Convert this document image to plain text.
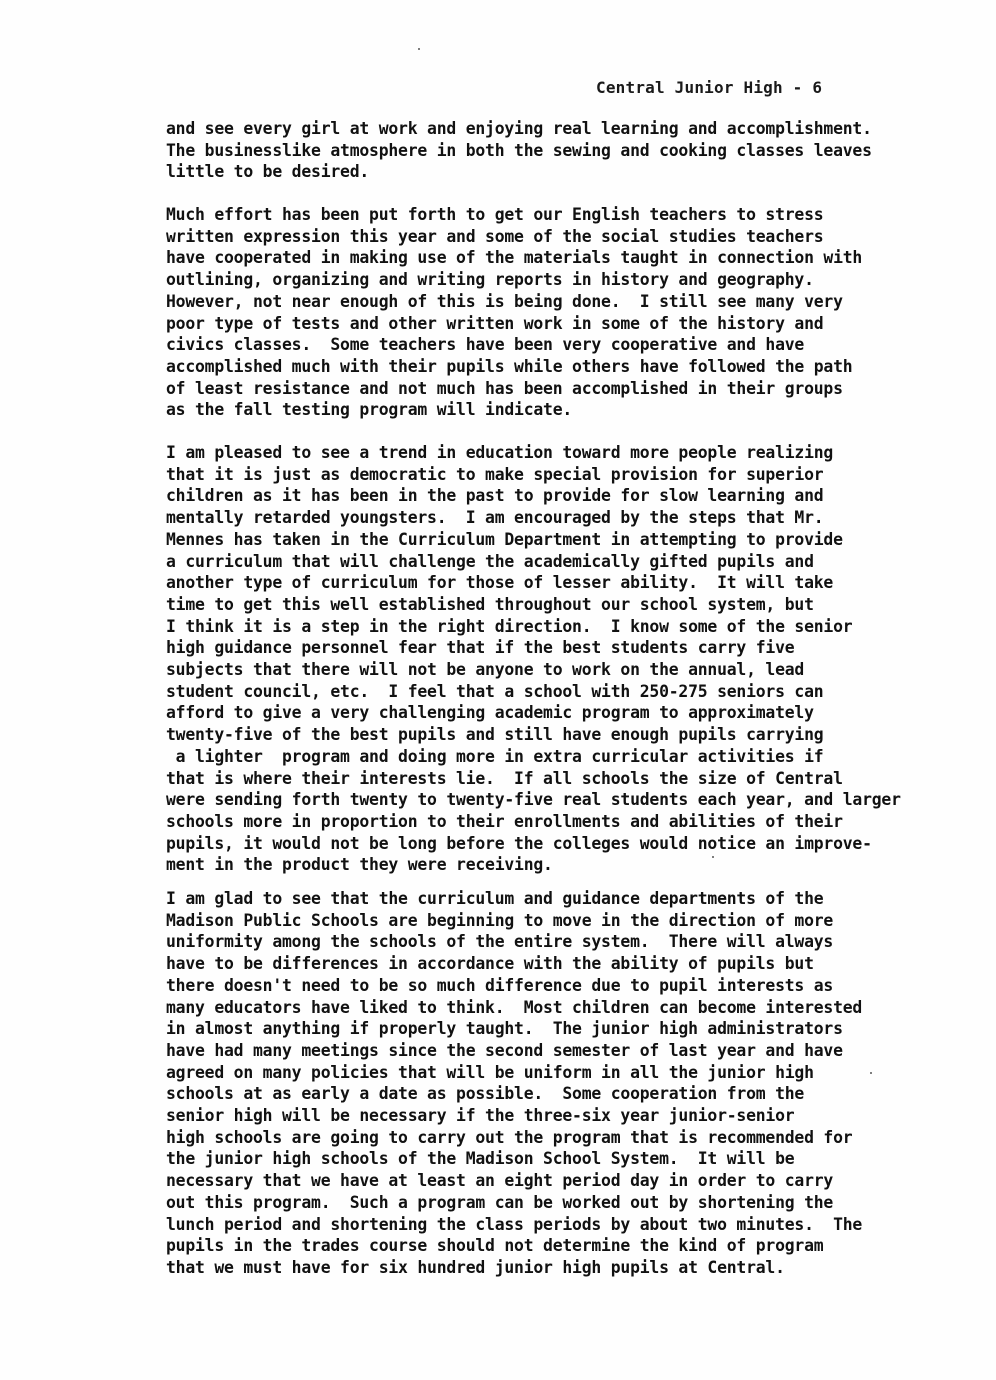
Central Junior High - 6

and see every girl at work and enjoying real learning and accomplishment.
The businesslike atmosphere in both the sewing and cooking classes leaves
little to be desired.

Much effort has been put forth to get our English teachers to stress
written expression this year and some of the social studies teachers
have cooperated in making use of the materials taught in connection with
outlining, organizing and writing reports in history and geography.
However, not near enough of this is being done.  I still see many very
poor type of tests and other written work in some of the history and
civics classes.  Some teachers have been very cooperative and have
accomplished much with their pupils while others have followed the path
of least resistance and not much has been accomplished in their groups
as the fall testing program will indicate.

I am pleased to see a trend in education toward more people realizing
that it is just as democratic to make special provision for superior
children as it has been in the past to provide for slow learning and
mentally retarded youngsters.  I am encouraged by the steps that Mr.
Mennes has taken in the Curriculum Department in attempting to provide
a curriculum that will challenge the academically gifted pupils and
another type of curriculum for those of lesser ability.  It will take
time to get this well established throughout our school system, but
I think it is a step in the right direction.  I know some of the senior
high guidance personnel fear that if the best students carry five
subjects that there will not be anyone to work on the annual, lead
student council, etc.  I feel that a school with 250-275 seniors can
afford to give a very challenging academic program to approximately
twenty-five of the best pupils and still have enough pupils carrying
a lighter  program and doing more in extra curricular activities if
that is where their interests lie.  If all schools the size of Central
were sending forth twenty to twenty-five real students each year, and larger
schools more in proportion to their enrollments and abilities of their
pupils, it would not be long before the colleges would notice an improve-
ment in the product they were receiving.

I am glad to see that the curriculum and guidance departments of the
Madison Public Schools are beginning to move in the direction of more
uniformity among the schools of the entire system.  There will always
have to be differences in accordance with the ability of pupils but
there doesn't need to be so much difference due to pupil interests as
many educators have liked to think.  Most children can become interested
in almost anything if properly taught.  The junior high administrators
have had many meetings since the second semester of last year and have
agreed on many policies that will be uniform in all the junior high
schools at as early a date as possible.  Some cooperation from the
senior high will be necessary if the three-six year junior-senior
high schools are going to carry out the program that is recommended for
the junior high schools of the Madison School System.  It will be
necessary that we have at least an eight period day in order to carry
out this program.  Such a program can be worked out by shortening the
lunch period and shortening the class periods by about two minutes.  The
pupils in the trades course should not determine the kind of program
that we must have for six hundred junior high pupils at Central.
